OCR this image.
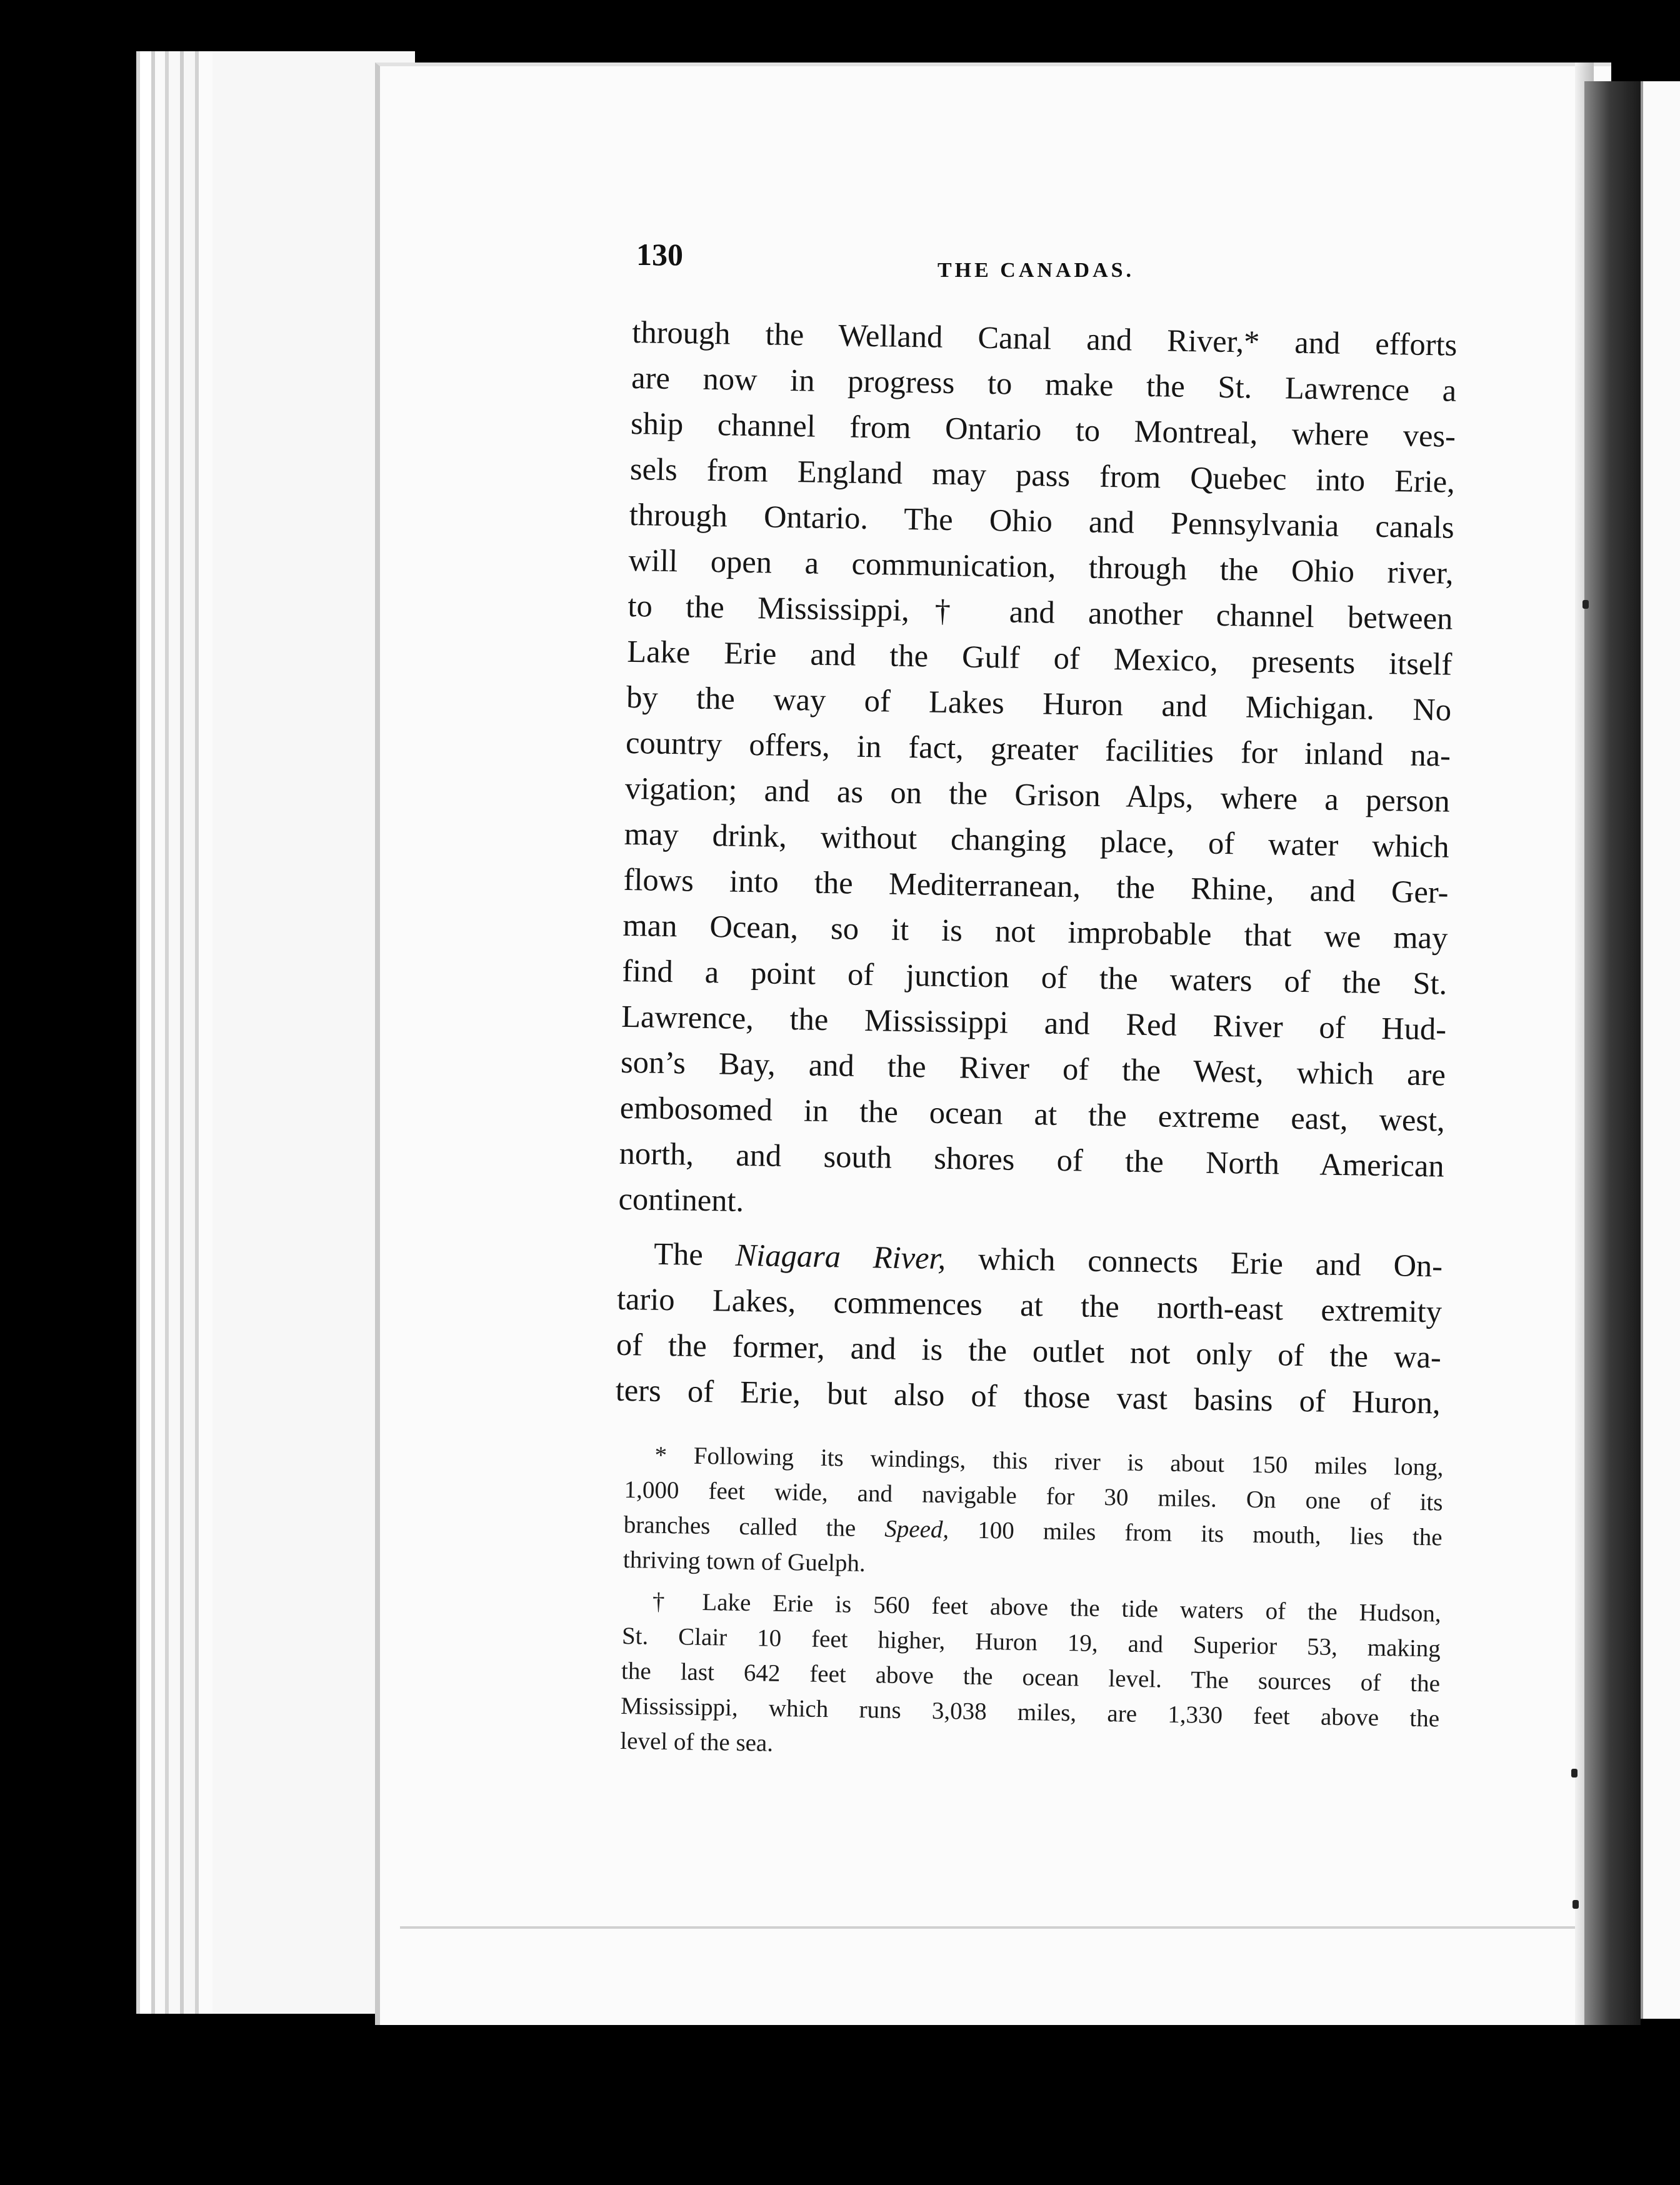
130	THE CANADAS.

through the Welland Canal and River,* and efforts
are now in progress to make the St. Lawrence a
ship channel from Ontario to Montreal, where ves-
sels from England may pass from Quebec into Erie,
through Ontario. The Ohio and Pennsylvania canals
will open a communication, through the Ohio river,
to the Mississippi,† and another channel between
Lake Erie and the Gulf of Mexico, presents itself
by the way of Lakes Huron and Michigan. No
country offers, in fact, greater facilities for inland na-
vigation; and as on the Grison Alps, where a person
may drink, without changing place, of water which
flows into the Mediterranean, the Rhine, and Ger-
man Ocean, so it is not improbable that we may
find a point of junction of the waters of the St.
Lawrence, the Mississippi and Red River of Hud-
son’s Bay, and the River of the West, which are
embosomed in the ocean at the extreme east, west,
north, and south shores of the North American
continent.

The Niagara River, which connects Erie and On-
tario Lakes, commences at the north-east extremity
of the former, and is the outlet not only of the wa-
ters of Erie, but also of those vast basins of Huron,

* Following its windings, this river is about 150 miles long,
1,000 feet wide, and navigable for 30 miles. On one of its
branches called the Speed, 100 miles from its mouth, lies the
thriving town of Guelph.
† Lake Erie is 560 feet above the tide waters of the Hudson,
St. Clair 10 feet higher, Huron 19, and Superior 53, making
the last 642 feet above the ocean level. The sources of the
Mississippi, which runs 3,038 miles, are 1,330 feet above the
level of the sea.
